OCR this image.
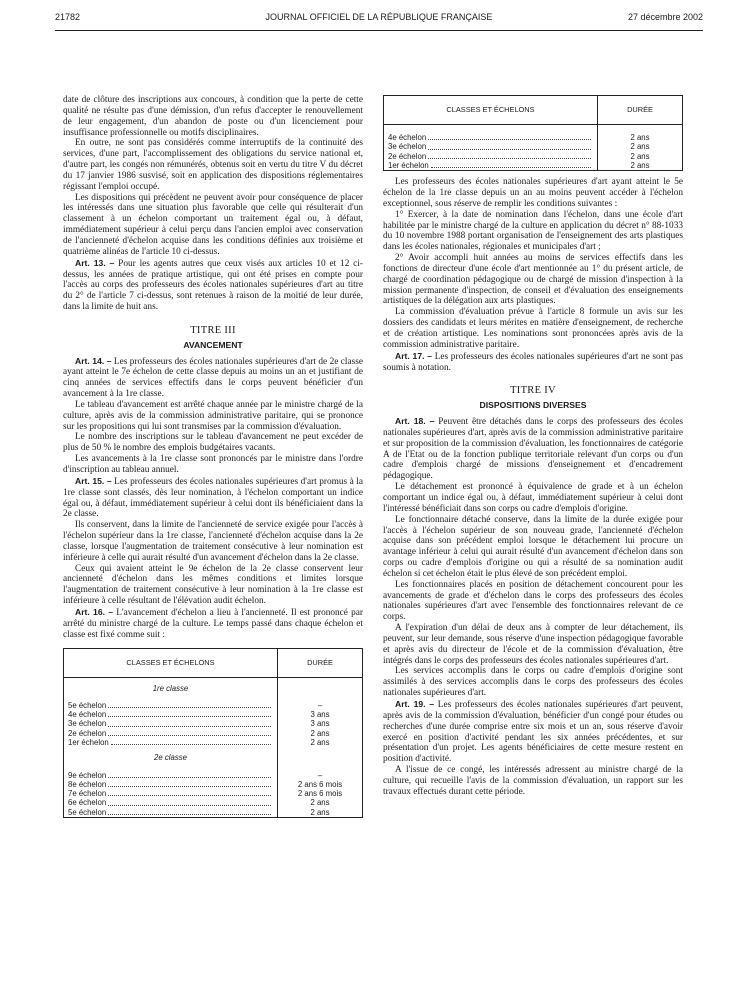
21782	JOURNAL OFFICIEL DE LA RÉPUBLIQUE FRANÇAISE	27 décembre 2002

date de clôture des inscriptions aux concours, à condition que la perte de cette qualité ne résulte pas d'une démission, d'un refus d'accepter le renouvellement de leur engagement, d'un abandon de poste ou d'un licenciement pour insuffisance professionnelle ou motifs disciplinaires.

En outre, ne sont pas considérés comme interruptifs de la continuité des services, d'une part, l'accomplissement des obligations du service national et, d'autre part, les congés non rémunérés, obtenus soit en vertu du titre V du décret du 17 janvier 1986 susvisé, soit en application des dispositions réglementaires régissant l'emploi occupé.

Les dispositions qui précèdent ne peuvent avoir pour conséquence de placer les intéressés dans une situation plus favorable que celle qui résulterait d'un classement à un échelon comportant un traitement égal ou, à défaut, immédiatement supérieur à celui perçu dans l'ancien emploi avec conservation de l'ancienneté d'échelon acquise dans les conditions définies aux troisième et quatrième alinéas de l'article 10 ci-dessus.

Art. 13. – Pour les agents autres que ceux visés aux articles 10 et 12 ci-dessus, les années de pratique artistique, qui ont été prises en compte pour l'accès au corps des professeurs des écoles nationales supérieures d'art au titre du 2° de l'article 7 ci-dessus, sont retenues à raison de la moitié de leur durée, dans la limite de huit ans.

TITRE III
AVANCEMENT

Art. 14. – Les professeurs des écoles nationales supérieures d'art de 2e classe ayant atteint le 7e échelon de cette classe depuis au moins un an et justifiant de cinq années de services effectifs dans le corps peuvent bénéficier d'un avancement à la 1re classe.

Le tableau d'avancement est arrêté chaque année par le ministre chargé de la culture, après avis de la commission administrative paritaire, qui se prononce sur les propositions qui lui sont transmises par la commission d'évaluation.

Le nombre des inscriptions sur le tableau d'avancement ne peut excéder de plus de 50 % le nombre des emplois budgétaires vacants.

Les avancements à la 1re classe sont prononcés par le ministre dans l'ordre d'inscription au tableau annuel.

Art. 15. – Les professeurs des écoles nationales supérieures d'art promus à la 1re classe sont classés, dès leur nomination, à l'échelon comportant un indice égal ou, à défaut, immédiatement supérieur à celui dont ils bénéficiaient dans la 2e classe.

Ils conservent, dans la limite de l'ancienneté de service exigée pour l'accès à l'échelon supérieur dans la 1re classe, l'ancienneté d'échelon acquise dans la 2e classe, lorsque l'augmentation de traitement consécutive à leur nomination est inférieure à celle qui aurait résulté d'un avancement d'échelon dans la 2e classe.

Ceux qui avaient atteint le 9e échelon de la 2e classe conservent leur ancienneté d'échelon dans les mêmes conditions et limites lorsque l'augmentation de traitement consécutive à leur nomination à la 1re classe est inférieure à celle résultant de l'élévation audit échelon.

Art. 16. – L'avancement d'échelon a lieu à l'ancienneté. Il est prononcé par arrêté du ministre chargé de la culture. Le temps passé dans chaque échelon et classe est fixé comme suit :

CLASSES ET ÉCHELONS	DURÉE
1re classe	

5e échelon	–

4e échelon	3 ans

3e échelon	3 ans

2e échelon	2 ans

1er échelon	2 ans
2e classe	

9e échelon	–

8e échelon	2 ans 6 mois

7e échelon	2 ans 6 mois

6e échelon	2 ans

5e échelon	2 ans
CLASSES ET ÉCHELONS	DURÉE

4e échelon	2 ans

3e échelon	2 ans

2e échelon	2 ans

1er échelon	2 ans

Les professeurs des écoles nationales supérieures d'art ayant atteint le 5e échelon de la 1re classe depuis un an au moins peuvent accéder à l'échelon exceptionnel, sous réserve de remplir les conditions suivantes :

1° Exercer, à la date de nomination dans l'échelon, dans une école d'art habilitée par le ministre chargé de la culture en application du décret n° 88-1033 du 10 novembre 1988 portant organisation de l'enseignement des arts plastiques dans les écoles nationales, régionales et municipales d'art ;

2° Avoir accompli huit années au moins de services effectifs dans les fonctions de directeur d'une école d'art mentionnée au 1° du présent article, de chargé de coordination pédagogique ou de chargé de mission d'inspection à la mission permanente d'inspection, de conseil et d'évaluation des enseignements artistiques de la délégation aux arts plastiques.

La commission d'évaluation prévue à l'article 8 formule un avis sur les dossiers des candidats et leurs mérites en matière d'enseignement, de recherche et de création artistique. Les nominations sont prononcées après avis de la commission administrative paritaire.

Art. 17. – Les professeurs des écoles nationales supérieures d'art ne sont pas soumis à notation.

TITRE IV
DISPOSITIONS DIVERSES

Art. 18. – Peuvent être détachés dans le corps des professeurs des écoles nationales supérieures d'art, après avis de la commission administrative paritaire et sur proposition de la commission d'évaluation, les fonctionnaires de catégorie A de l'Etat ou de la fonction publique territoriale relevant d'un corps ou d'un cadre d'emplois chargé de missions d'enseignement et d'encadrement pédagogique.

Le détachement est prononcé à équivalence de grade et à un échelon comportant un indice égal ou, à défaut, immédiatement supérieur à celui dont l'intéressé bénéficiait dans son corps ou cadre d'emplois d'origine.

Le fonctionnaire détaché conserve, dans la limite de la durée exigée pour l'accès à l'échelon supérieur de son nouveau grade, l'ancienneté d'échelon acquise dans son précédent emploi lorsque le détachement lui procure un avantage inférieur à celui qui aurait résulté d'un avancement d'échelon dans son corps ou cadre d'emplois d'origine ou qui a résulté de sa nomination audit échelon si cet échelon était le plus élevé de son précédent emploi.

Les fonctionnaires placés en position de détachement concourent pour les avancements de grade et d'échelon dans le corps des professeurs des écoles nationales supérieures d'art avec l'ensemble des fonctionnaires relevant de ce corps.

A l'expiration d'un délai de deux ans à compter de leur détachement, ils peuvent, sur leur demande, sous réserve d'une inspection pédagogique favorable et après avis du directeur de l'école et de la commission d'évaluation, être intégrés dans le corps des professeurs des écoles nationales supérieures d'art.

Les services accomplis dans le corps ou cadre d'emplois d'origine sont assimilés à des services accomplis dans le corps des professeurs des écoles nationales supérieures d'art.

Art. 19. – Les professeurs des écoles nationales supérieures d'art peuvent, après avis de la commission d'évaluation, bénéficier d'un congé pour études ou recherches d'une durée comprise entre six mois et un an, sous réserve d'avoir exercé en position d'activité pendant les six années précédentes, et sur présentation d'un projet. Les agents bénéficiaires de cette mesure restent en position d'activité.

A l'issue de ce congé, les intéressés adressent au ministre chargé de la culture, qui recueille l'avis de la commission d'évaluation, un rapport sur les travaux effectués durant cette période.
